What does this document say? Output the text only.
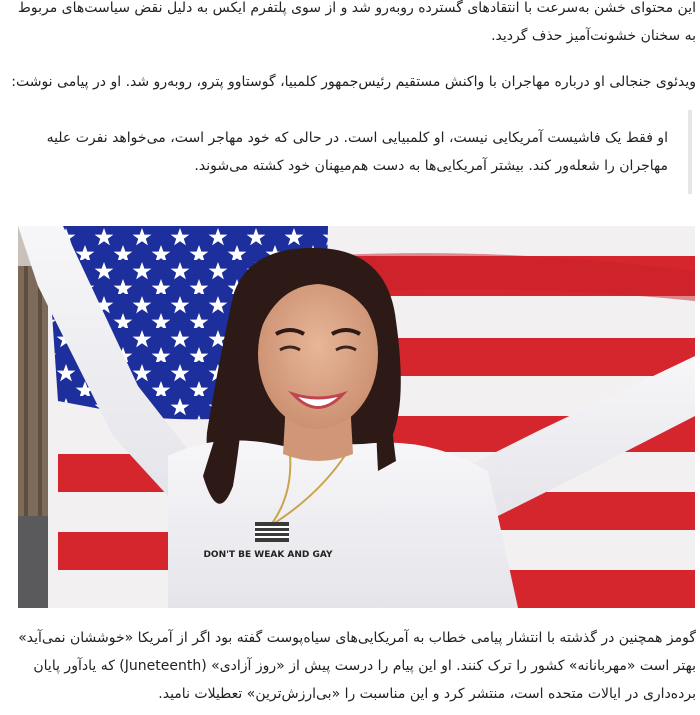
این محتوای خشن به‌سرعت با انتقادهای گسترده روبه‌رو شد و از سوی پلتفرم ایکس به دلیل نقض سیاست‌های مربوط
به سخنان خشونت‌آمیز حذف گردید.
ویدئوی جنجالی او درباره مهاجران با واکنش مستقیم رئیس‌جمهور کلمبیا، گوستاوو پترو، روبه‌رو شد. او در پیامی نوشت:
او فقط یک فاشیست آمریکایی نیست، او کلمبیایی است. در حالی که خود مهاجر است، می‌خواهد نفرت علیه
مهاجران را شعله‌ور کند. بیشتر آمریکایی‌ها به دست هم‌میهنان خود کشته می‌شوند.
DON'T BE WEAK AND GAY
گومز همچنین در گذشته با انتشار پیامی خطاب به آمریکایی‌های سیاه‌پوست گفته بود اگر از آمریکا «خوششان نمی‌آید»
بهتر است «مهربانانه» کشور را ترک کنند. او این پیام را درست پیش از «روز آزادی» (Juneteenth) که یادآور پایان
برده‌داری در ایالات متحده است، منتشر کرد و این مناسبت را «بی‌ارزش‌ترین» تعطیلات نامید.
